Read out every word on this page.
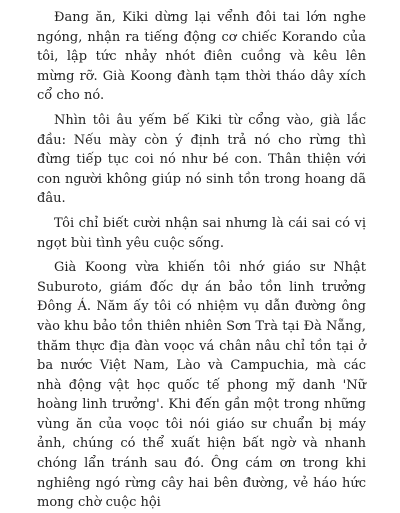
Đang ăn, Kiki dừng lại vểnh đôi tai lớn nghe ngóng, nhận ra tiếng động cơ chiếc Korando của tôi, lập tức nhảy nhót điên cuồng và kêu lên mừng rỡ. Già Koong đành tạm thời tháo dây xích cổ cho nó.

Nhìn tôi âu yếm bế Kiki từ cổng vào, già lắc đầu: Nếu mày còn ý định trả nó cho rừng thì đừng tiếp tục coi nó như bé con. Thân thiện với con người không giúp nó sinh tồn trong hoang dã đâu.

Tôi chỉ biết cười nhận sai nhưng là cái sai có vị ngọt bùi tình yêu cuộc sống.

Già Koong vừa khiến tôi nhớ giáo sư Nhật Suburoto, giám đốc dự án bảo tồn linh trưởng Đông Á. Năm ấy tôi có nhiệm vụ dẫn đường ông vào khu bảo tồn thiên nhiên Sơn Trà tại Đà Nẵng, thăm thực địa đàn voọc vá chân nâu chỉ tồn tại ở ba nước Việt Nam, Lào và Campuchia, mà các nhà động vật học quốc tế phong mỹ danh 'Nữ hoàng linh trưởng'. Khi đến gần một trong những vùng ăn của voọc tôi nói giáo sư chuẩn bị máy ảnh, chúng có thể xuất hiện bất ngờ và nhanh chóng lẩn tránh sau đó. Ông cám ơn trong khi nghiêng ngó rừng cây hai bên đường, vẻ háo hức mong chờ cuộc hội
